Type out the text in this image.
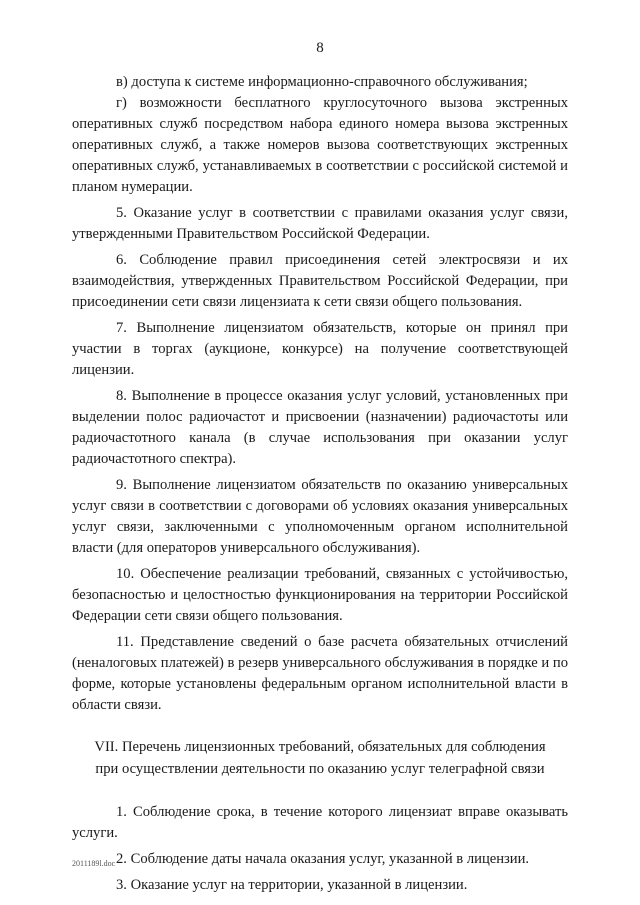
8

в) доступа к системе информационно-справочного обслуживания;

г) возможности бесплатного круглосуточного вызова экстренных оперативных служб посредством набора единого номера вызова экстренных оперативных служб, а также номеров вызова соответствующих экстренных оперативных служб, устанавливаемых в соответствии с российской системой и планом нумерации.

5. Оказание услуг в соответствии с правилами оказания услуг связи, утвержденными Правительством Российской Федерации.

6. Соблюдение правил присоединения сетей электросвязи и их взаимодействия, утвержденных Правительством Российской Федерации, при присоединении сети связи лицензиата к сети связи общего пользования.

7. Выполнение лицензиатом обязательств, которые он принял при участии в торгах (аукционе, конкурсе) на получение соответствующей лицензии.

8. Выполнение в процессе оказания услуг условий, установленных при выделении полос радиочастот и присвоении (назначении) радиочастоты или радиочастотного канала (в случае использования при оказании услуг радиочастотного спектра).

9. Выполнение лицензиатом обязательств по оказанию универсальных услуг связи в соответствии с договорами об условиях оказания универсальных услуг связи, заключенными с уполномоченным органом исполнительной власти (для операторов универсального обслуживания).

10. Обеспечение реализации требований, связанных с устойчивостью, безопасностью и целостностью функционирования на территории Российской Федерации сети связи общего пользования.

11. Представление сведений о базе расчета обязательных отчислений (неналоговых платежей) в резерв универсального обслуживания в порядке и по форме, которые установлены федеральным органом исполнительной власти в области связи.

VII. Перечень лицензионных требований, обязательных для соблюдения
при осуществлении деятельности по оказанию услуг телеграфной связи

1. Соблюдение срока, в течение которого лицензиат вправе оказывать услуги.

2. Соблюдение даты начала оказания услуг, указанной в лицензии.

3. Оказание услуг на территории, указанной в лицензии.

2011189l.doc
